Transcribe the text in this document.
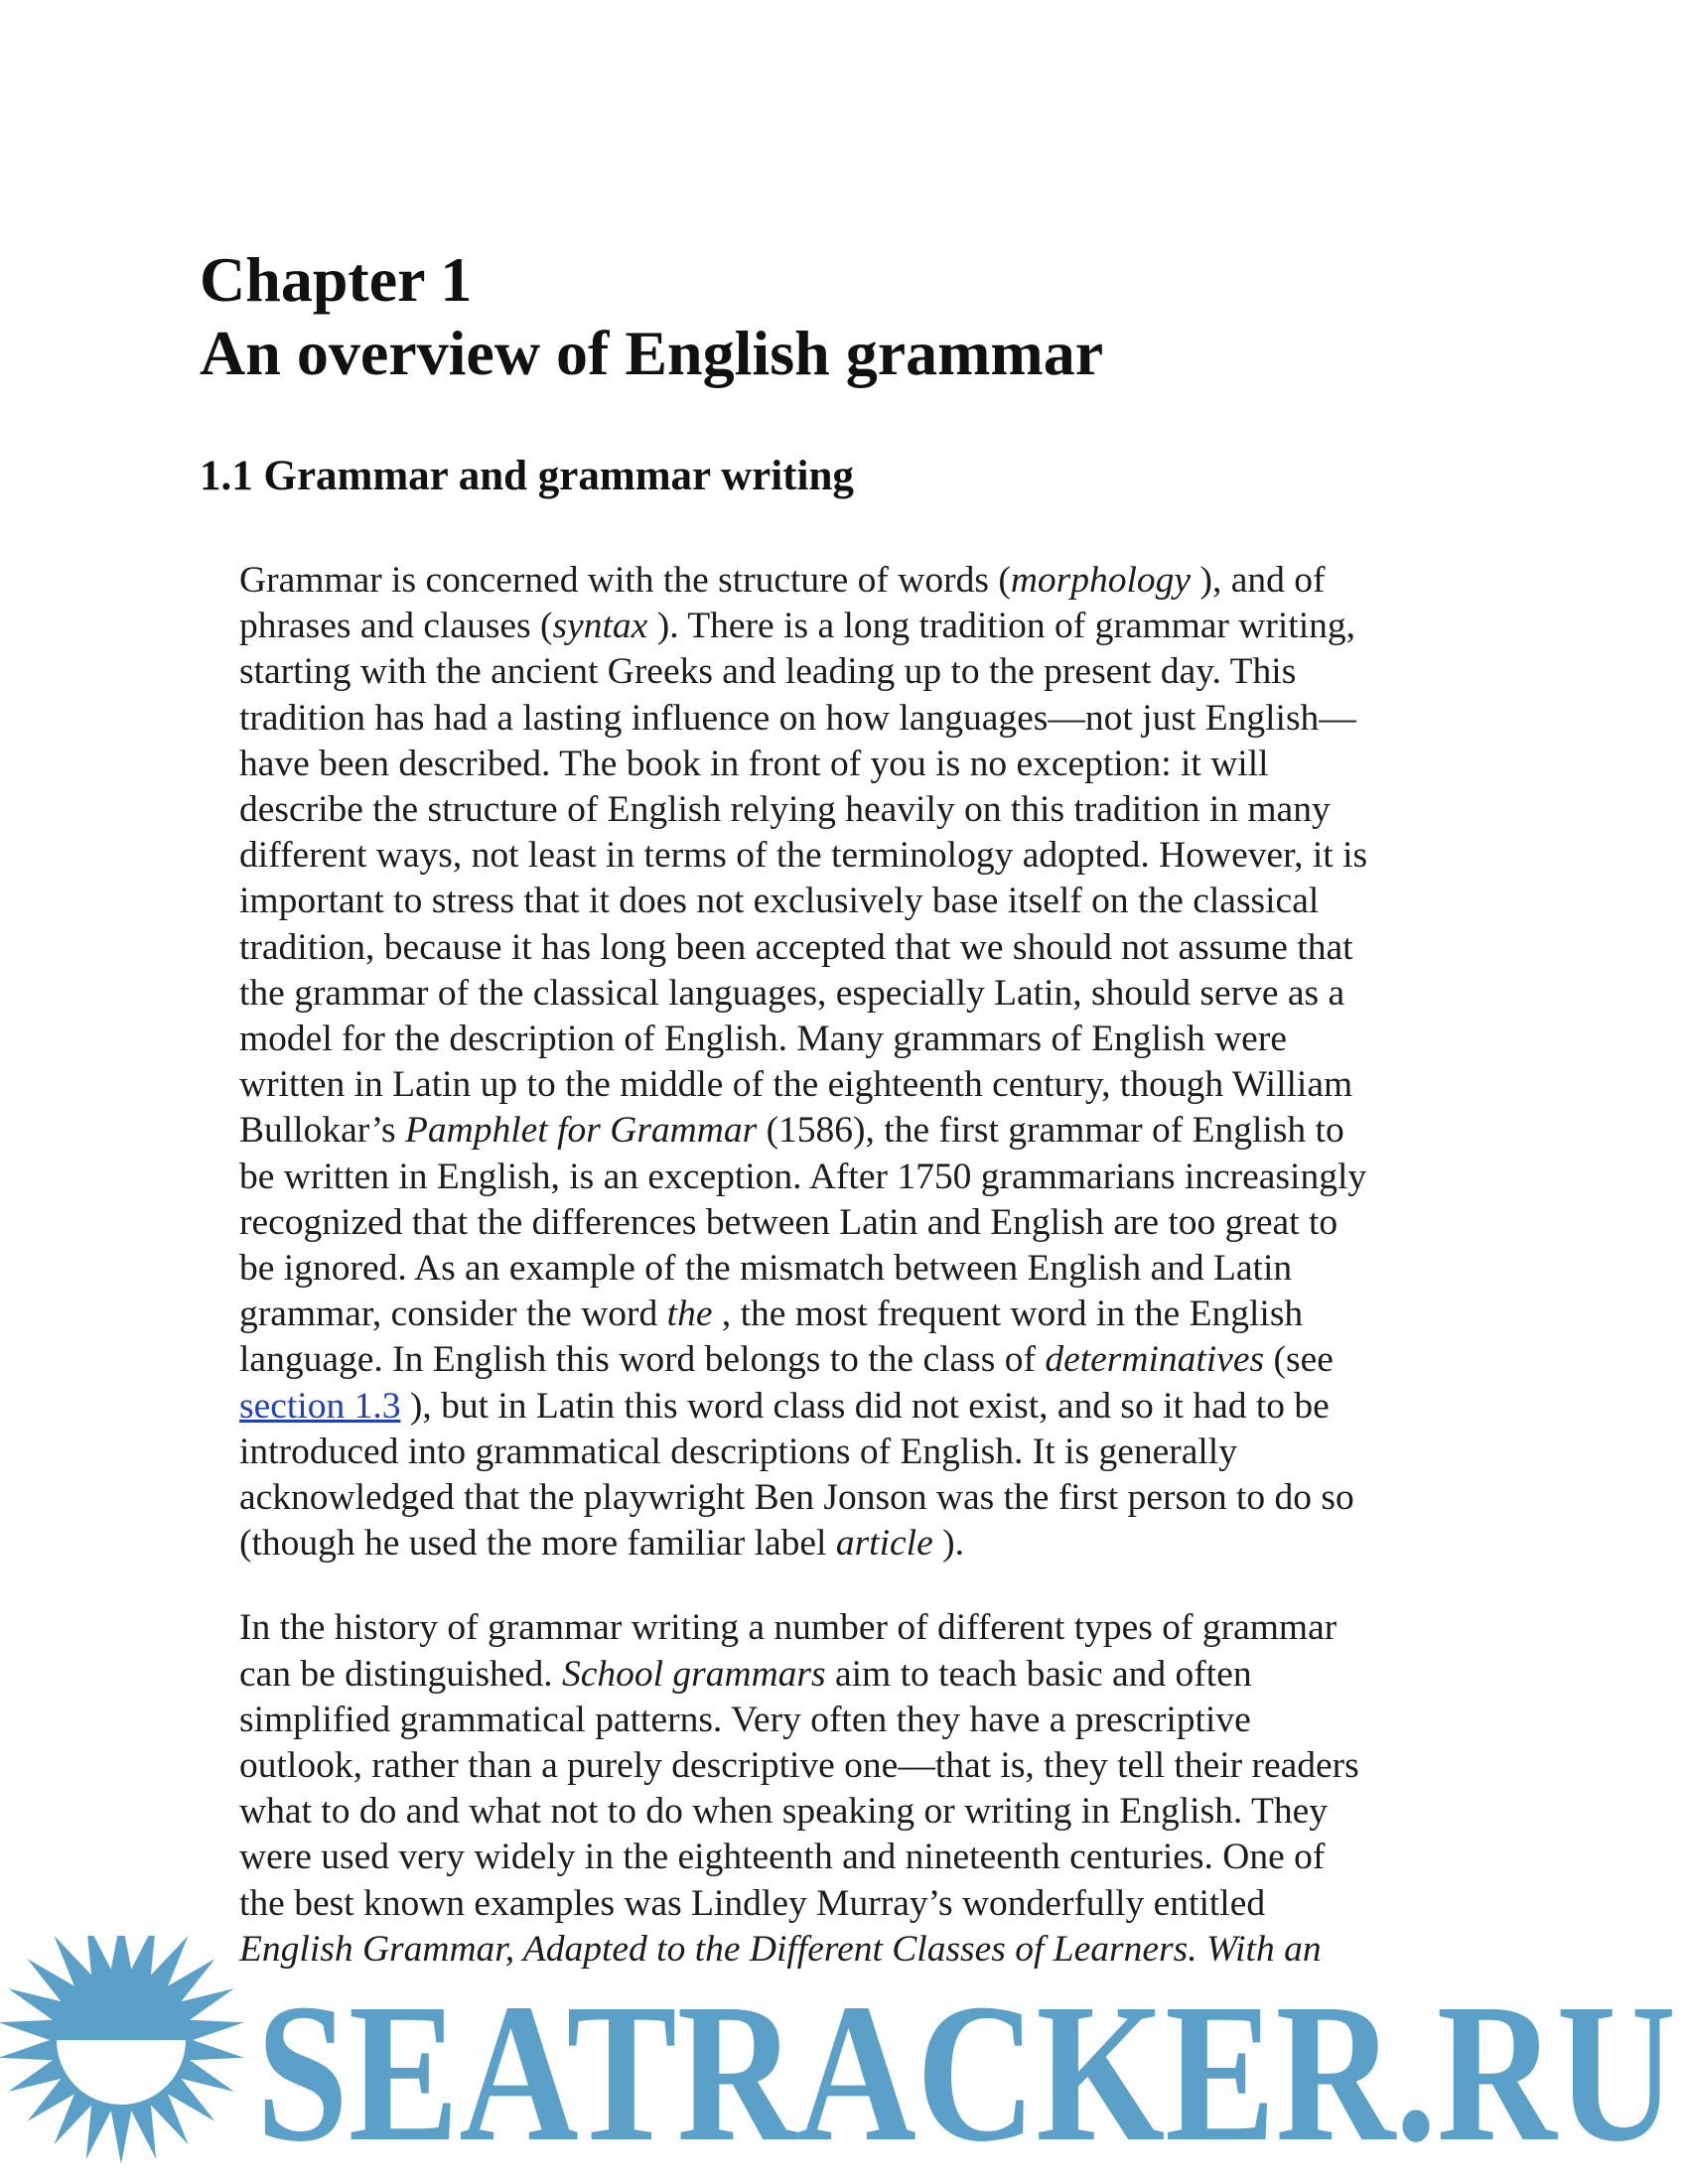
Chapter 1
An overview of English grammar
1.1 Grammar and grammar writing
Grammar is concerned with the structure of words (morphology ), and of
phrases and clauses (syntax ). There is a long tradition of grammar writing,
starting with the ancient Greeks and leading up to the present day. This
tradition has had a lasting influence on how languages—not just English—
have been described. The book in front of you is no exception: it will
describe the structure of English relying heavily on this tradition in many
different ways, not least in terms of the terminology adopted. However, it is
important to stress that it does not exclusively base itself on the classical
tradition, because it has long been accepted that we should not assume that
the grammar of the classical languages, especially Latin, should serve as a
model for the description of English. Many grammars of English were
written in Latin up to the middle of the eighteenth century, though William
Bullokar’s Pamphlet for Grammar (1586), the first grammar of English to
be written in English, is an exception. After 1750 grammarians increasingly
recognized that the differences between Latin and English are too great to
be ignored. As an example of the mismatch between English and Latin
grammar, consider the word the , the most frequent word in the English
language. In English this word belongs to the class of determinatives (see
section 1.3 ), but in Latin this word class did not exist, and so it had to be
introduced into grammatical descriptions of English. It is generally
acknowledged that the playwright Ben Jonson was the first person to do so
(though he used the more familiar label article ).
In the history of grammar writing a number of different types of grammar
can be distinguished. School grammars aim to teach basic and often
simplified grammatical patterns. Very often they have a prescriptive
outlook, rather than a purely descriptive one—that is, they tell their readers
what to do and what not to do when speaking or writing in English. They
were used very widely in the eighteenth and nineteenth centuries. One of
the best known examples was Lindley Murray’s wonderfully entitled
English Grammar, Adapted to the Different Classes of Learners. With an
SEATRACKER.RU
